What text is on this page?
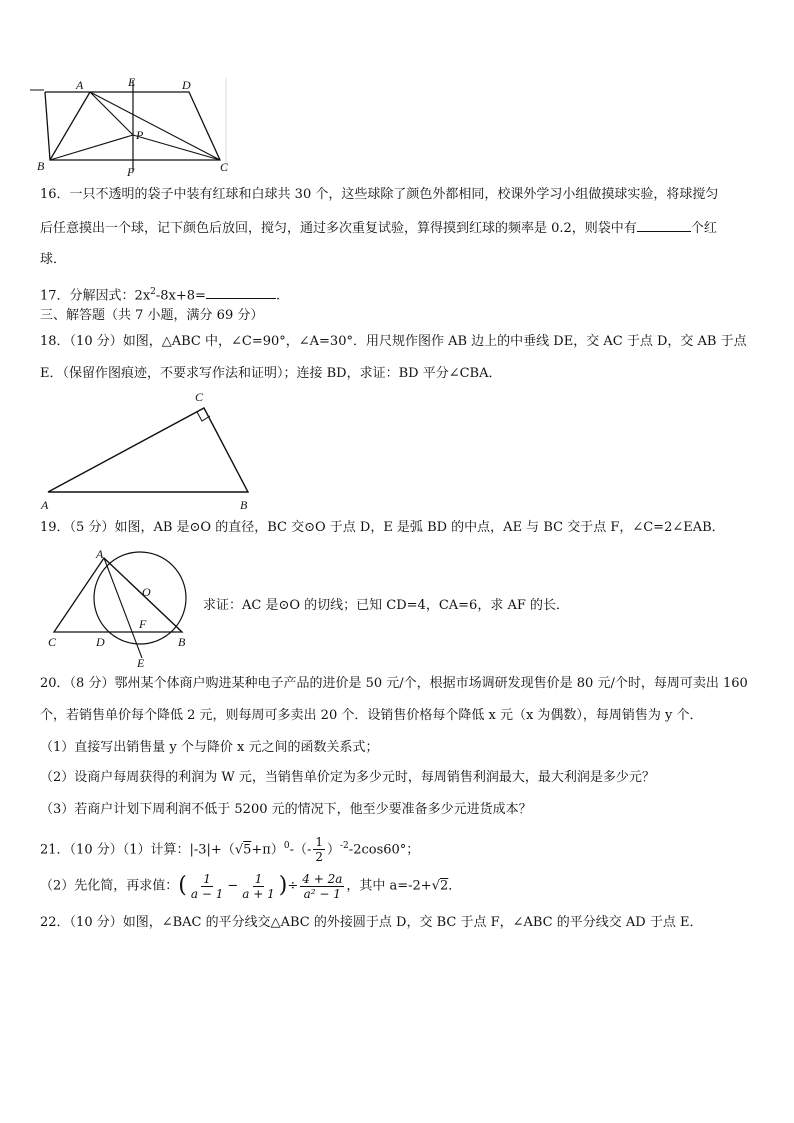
A	E	D
P
B	F	C
16．一只不透明的袋子中装有红球和白球共 30 个，这些球除了颜色外都相同，校课外学习小组做摸球实验，将球搅匀
后任意摸出一个球，记下颜色后放回，搅匀，通过多次重复试验，算得摸到红球的频率是 0.2，则袋中有	个红
球．
17．分解因式：$2x^2-8x+8=$	.
三、解答题（共 7 小题，满分 69 分）
18．（10 分）如图，△ABC 中，∠C=90°，∠A=30°．用尺规作图作 AB 边上的中垂线 DE，交 AC 于点 D，交 AB 于点
E．（保留作图痕迹，不要求写作法和证明）；连接 BD，求证：BD 平分∠CBA．
C
A	B
19．（5 分）如图，AB 是⊙O 的直径，BC 交⊙O 于点 D，E 是弧 BD 的中点，AE 与 BC 交于点 F，∠C=2∠EAB．
A
O
F
C	D	B
E
求证：AC 是⊙O 的切线；已知 CD=4，CA=6，求 AF 的长．
20．（8 分）鄂州某个体商户购进某种电子产品的进价是 50 元/个，根据市场调研发现售价是 80 元/个时，每周可卖出 160
个，若销售单价每个降低 2 元，则每周可多卖出 20 个．设销售价格每个降低 x 元（x 为偶数），每周销售为 y 个．
（1）直接写出销售量 y 个与降价 x 元之间的函数关系式；
（2）设商户每周获得的利润为 W 元，当销售单价定为多少元时，每周销售利润最大，最大利润是多少元？
（3）若商户计划下周利润不低于 5200 元的情况下，他至少要准备多少元进货成本？
21．（10 分）（1）计算：$|-3|+(√5+\pi)^0-(- \frac{1}{2} )^{-2}-2\cos 60^\circ$；
（2）先化简，再求值：( $\frac{1}{a - 1} - \frac{1}{a + 1}$ )÷ $\frac{4 + 2a}{\text{a² − 1}}$ ，其中 a=-2+√2．
22．（10 分）如图，∠BAC 的平分线交△ABC 的外接圆于点 D，交 BC 于点 F，∠ABC 的平分线交 AD 于点 E．
